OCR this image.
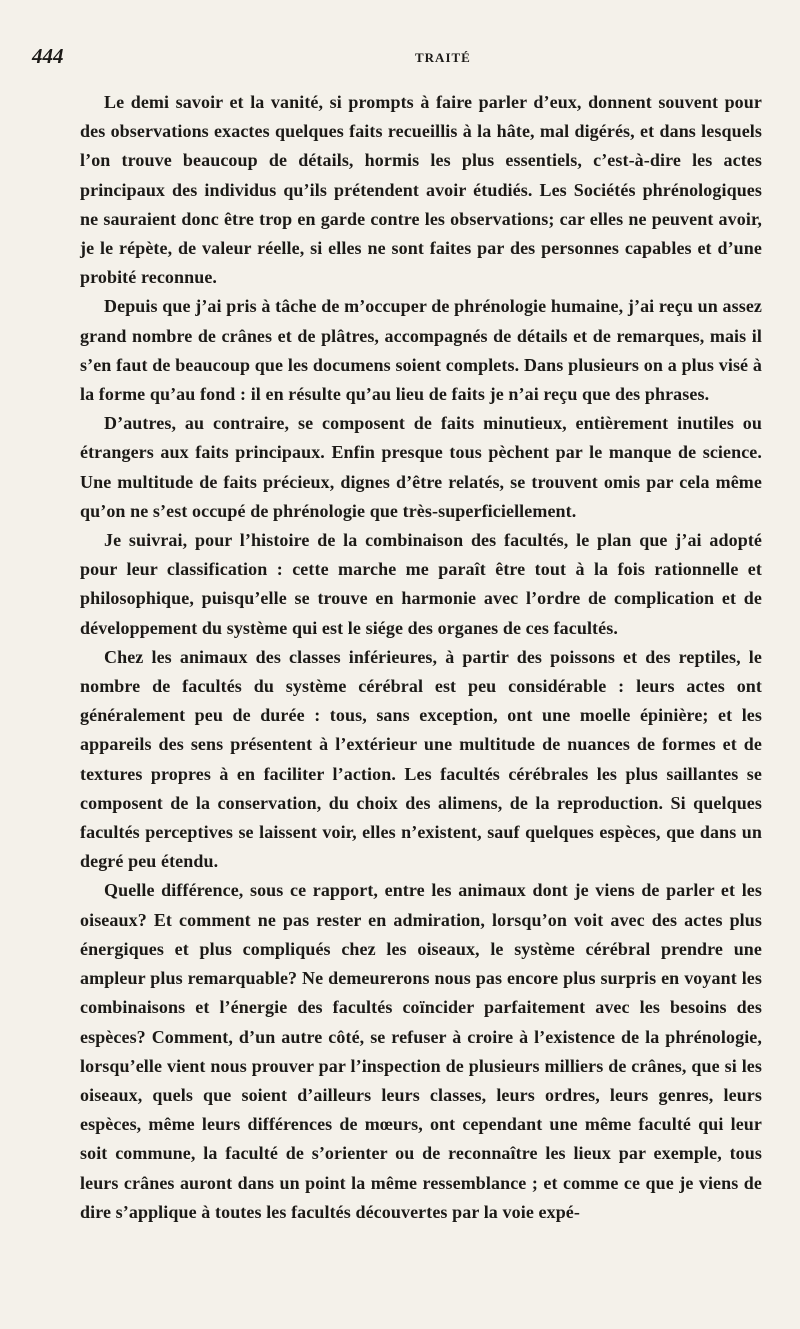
444	TRAITÉ

Le demi savoir et la vanité, si prompts à faire parler d’eux, donnent souvent pour des observations exactes quelques faits recueillis à la hâte, mal digérés, et dans lesquels l’on trouve beaucoup de détails, hormis les plus essentiels, c’est-à-dire les actes principaux des individus qu’ils prétendent avoir étudiés. Les Sociétés phrénologiques ne sauraient donc être trop en garde contre les observations; car elles ne peuvent avoir, je le répète, de valeur réelle, si elles ne sont faites par des personnes capables et d’une probité reconnue.

Depuis que j’ai pris à tâche de m’occuper de phrénologie humaine, j’ai reçu un assez grand nombre de crânes et de plâtres, accompagnés de détails et de remarques, mais il s’en faut de beaucoup que les documens soient complets. Dans plusieurs on a plus visé à la forme qu’au fond : il en résulte qu’au lieu de faits je n’ai reçu que des phrases.

D’autres, au contraire, se composent de faits minutieux, entièrement inutiles ou étrangers aux faits principaux. Enfin presque tous pèchent par le manque de science. Une multitude de faits précieux, dignes d’être relatés, se trouvent omis par cela même qu’on ne s’est occupé de phrénologie que très-superficiellement.

Je suivrai, pour l’histoire de la combinaison des facultés, le plan que j’ai adopté pour leur classification : cette marche me paraît être tout à la fois rationnelle et philosophique, puisqu’elle se trouve en harmonie avec l’ordre de complication et de développement du système qui est le siége des organes de ces facultés.

Chez les animaux des classes inférieures, à partir des poissons et des reptiles, le nombre de facultés du système cérébral est peu considérable : leurs actes ont généralement peu de durée : tous, sans exception, ont une moelle épinière; et les appareils des sens présentent à l’extérieur une multitude de nuances de formes et de textures propres à en faciliter l’action. Les facultés cérébrales les plus saillantes se composent de la conservation, du choix des alimens, de la reproduction. Si quelques facultés perceptives se laissent voir, elles n’existent, sauf quelques espèces, que dans un degré peu étendu.

Quelle différence, sous ce rapport, entre les animaux dont je viens de parler et les oiseaux? Et comment ne pas rester en admiration, lorsqu’on voit avec des actes plus énergiques et plus compliqués chez les oiseaux, le système cérébral prendre une ampleur plus remarquable? Ne demeurerons nous pas encore plus surpris en voyant les combinaisons et l’énergie des facultés coïncider parfaitement avec les besoins des espèces? Comment, d’un autre côté, se refuser à croire à l’existence de la phrénologie, lorsqu’elle vient nous prouver par l’inspection de plusieurs milliers de crânes, que si les oiseaux, quels que soient d’ailleurs leurs classes, leurs ordres, leurs genres, leurs espèces, même leurs différences de mœurs, ont cependant une même faculté qui leur soit commune, la faculté de s’orienter ou de reconnaître les lieux par exemple, tous leurs crânes auront dans un point la même ressemblance ; et comme ce que je viens de dire s’applique à toutes les facultés découvertes par la voie expé-
